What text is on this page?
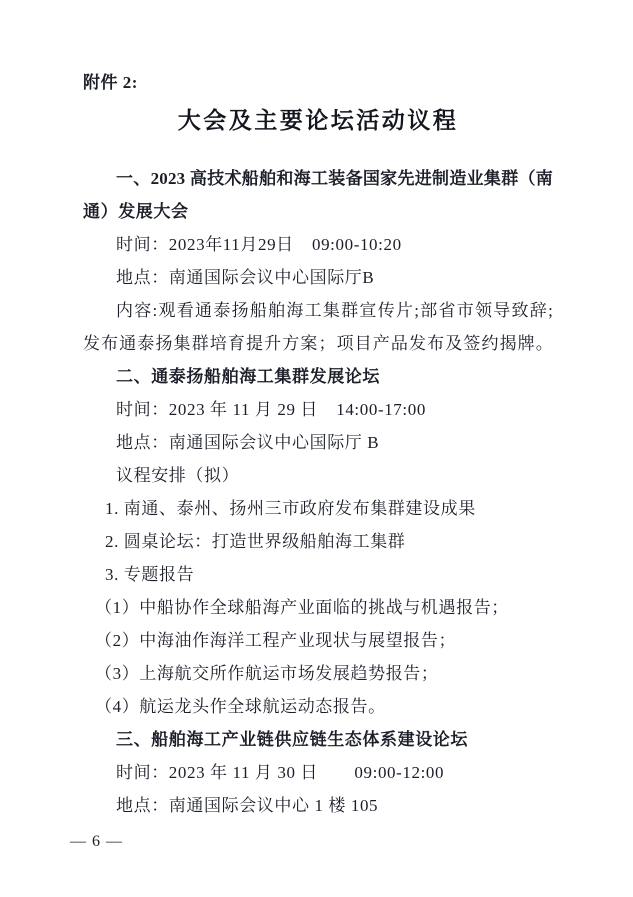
附件 2:
大会及主要论坛活动议程
一、2023 高技术船舶和海工装备国家先进制造业集群（南
通）发展大会
时间：2023年11月29日  09:00-10:20
地点：南通国际会议中心国际厅B
内容:观看通泰扬船舶海工集群宣传片;部省市领导致辞;
发布通泰扬集群培育提升方案；项目产品发布及签约揭牌。
二、通泰扬船舶海工集群发展论坛
时间：2023 年 11 月 29 日  14:00-17:00
地点：南通国际会议中心国际厅 B
议程安排（拟）
1. 南通、泰州、扬州三市政府发布集群建设成果
2. 圆桌论坛：打造世界级船舶海工集群
3. 专题报告
（1）中船协作全球船海产业面临的挑战与机遇报告；
（2）中海油作海洋工程产业现状与展望报告；
（3）上海航交所作航运市场发展趋势报告；
（4）航运龙头作全球航运动态报告。
三、船舶海工产业链供应链生态体系建设论坛
时间：2023 年 11 月 30 日    09:00-12:00
地点：南通国际会议中心 1 楼 105
— 6 —
